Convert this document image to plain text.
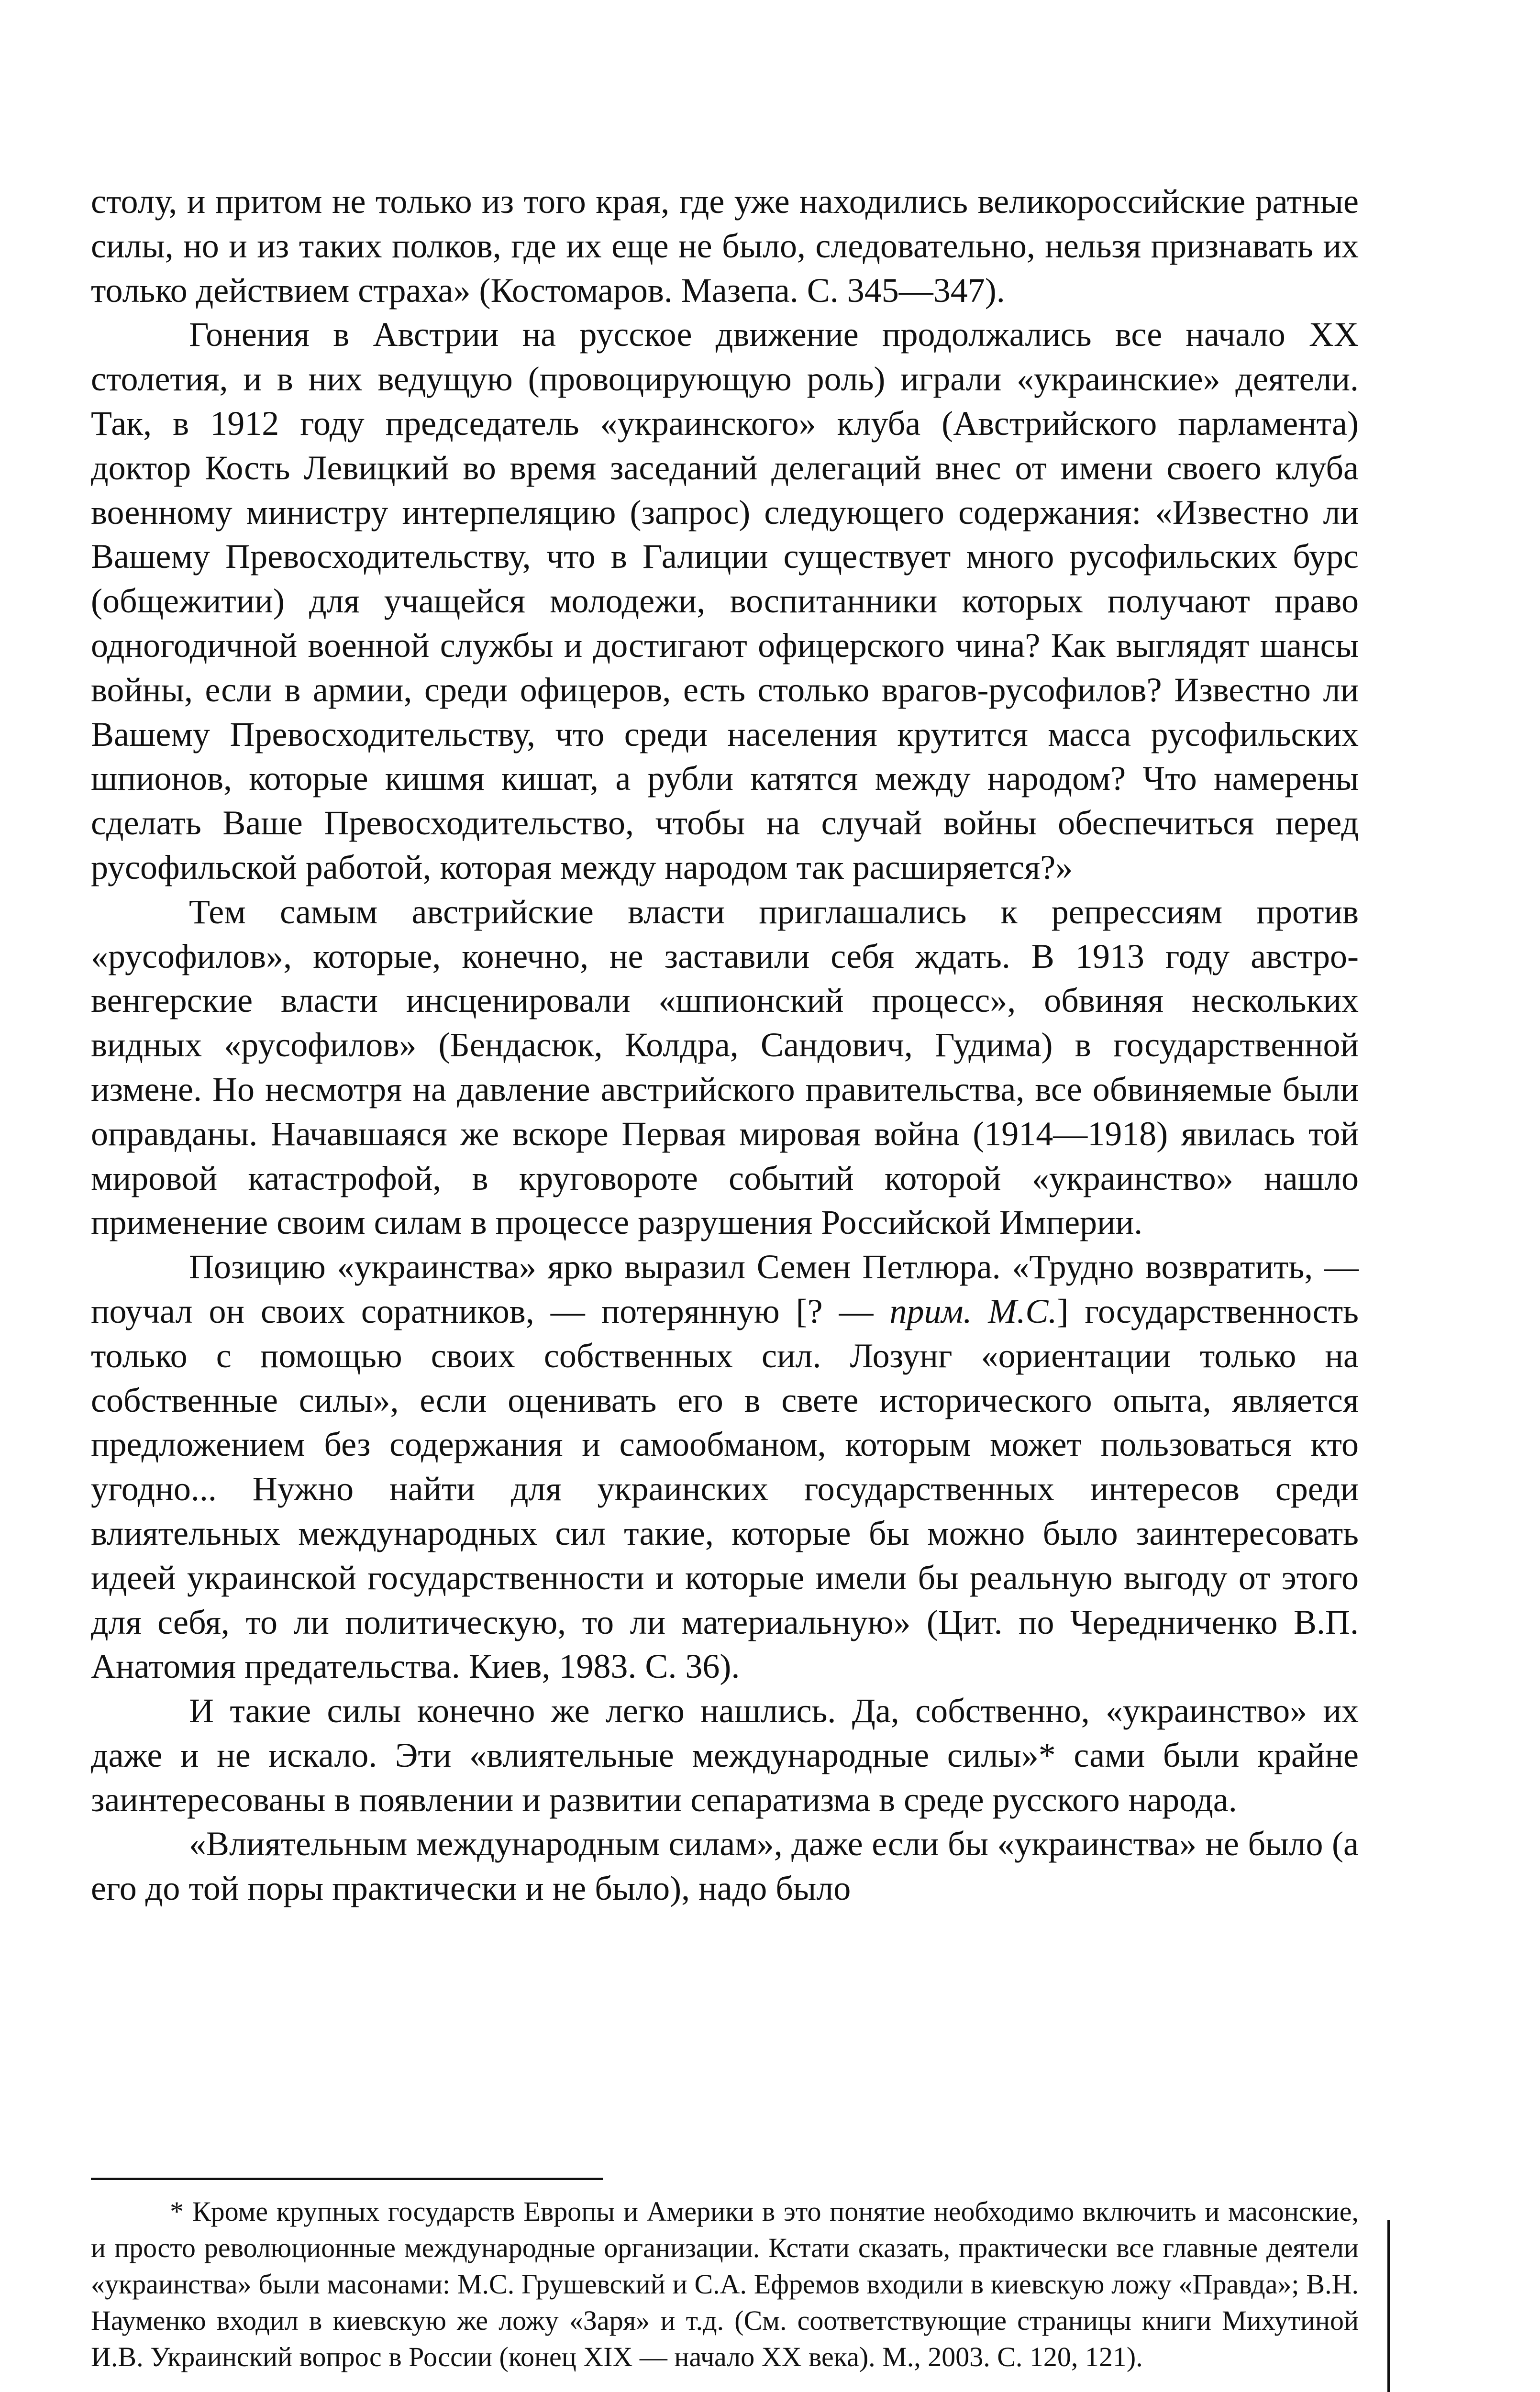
столу, и притом не только из того края, где уже находились великороссийские ратные силы, но и из таких полков, где их еще не было, следовательно, нельзя признавать их только действием страха» (Костомаров. Мазепа. С. 345—347).

Гонения в Австрии на русское движение продолжались все начало XX столетия, и в них ведущую (провоцирующую роль) играли «украинские» деятели. Так, в 1912 году председатель «украинского» клуба (Австрийского парламента) доктор Кость Левицкий во время заседаний делегаций внес от имени своего клуба военному министру интерпеляцию (запрос) следующего содержания: «Известно ли Вашему Превосходительству, что в Галиции существует много русофильских бурс (общежитии) для учащейся молодежи, воспитанники которых получают право одногодичной военной службы и достигают офицерского чина? Как выглядят шансы войны, если в армии, среди офицеров, есть столько врагов-русофилов? Известно ли Вашему Превосходительству, что среди населения крутится масса русофильских шпионов, которые кишмя кишат, а рубли катятся между народом? Что намерены сделать Ваше Превосходительство, чтобы на случай войны обеспечиться перед русофильской работой, которая между народом так расширяется?»

Тем самым австрийские власти приглашались к репрессиям против «русофилов», которые, конечно, не заставили себя ждать. В 1913 году австро-венгерские власти инсценировали «шпионский процесс», обвиняя нескольких видных «русофилов» (Бендасюк, Колдра, Сандович, Гудима) в государственной измене. Но несмотря на давление австрийского правительства, все обвиняемые были оправданы. Начавшаяся же вскоре Первая мировая война (1914—1918) явилась той мировой катастрофой, в круговороте событий которой «украинство» нашло применение своим силам в процессе разрушения Российской Империи.

Позицию «украинства» ярко выразил Семен Петлюра. «Трудно возвратить, — поучал он своих соратников, — потерянную [? — прим. М.С.] государственность только с помощью своих собственных сил. Лозунг «ориентации только на собственные силы», если оценивать его в свете исторического опыта, является предложением без содержания и самообманом, которым может пользоваться кто угодно... Нужно найти для украинских государственных интересов среди влиятельных международных сил такие, которые бы можно было заинтересовать идеей украинской государственности и которые имели бы реальную выгоду от этого для себя, то ли политическую, то ли материальную» (Цит. по Чередниченко В.П. Анатомия предательства. Киев, 1983. С. 36).

И такие силы конечно же легко нашлись. Да, собственно, «украинство» их даже и не искало. Эти «влиятельные международные силы»* сами были крайне заинтересованы в появлении и развитии сепаратизма в среде русского народа.

«Влиятельным международным силам», даже если бы «украинства» не было (а его до той поры практически и не было), надо было

* Кроме крупных государств Европы и Америки в это понятие необходимо включить и масонские, и просто революционные международные организации. Кстати сказать, практически все главные деятели «украинства» были масонами: М.С. Грушевский и С.А. Ефремов входили в киевскую ложу «Правда»; В.Н. Науменко входил в киевскую же ложу «Заря» и т.д. (См. соответствующие страницы книги Михутиной И.В. Украинский вопрос в России (конец XIX — начало XX века). М., 2003. С. 120, 121).
